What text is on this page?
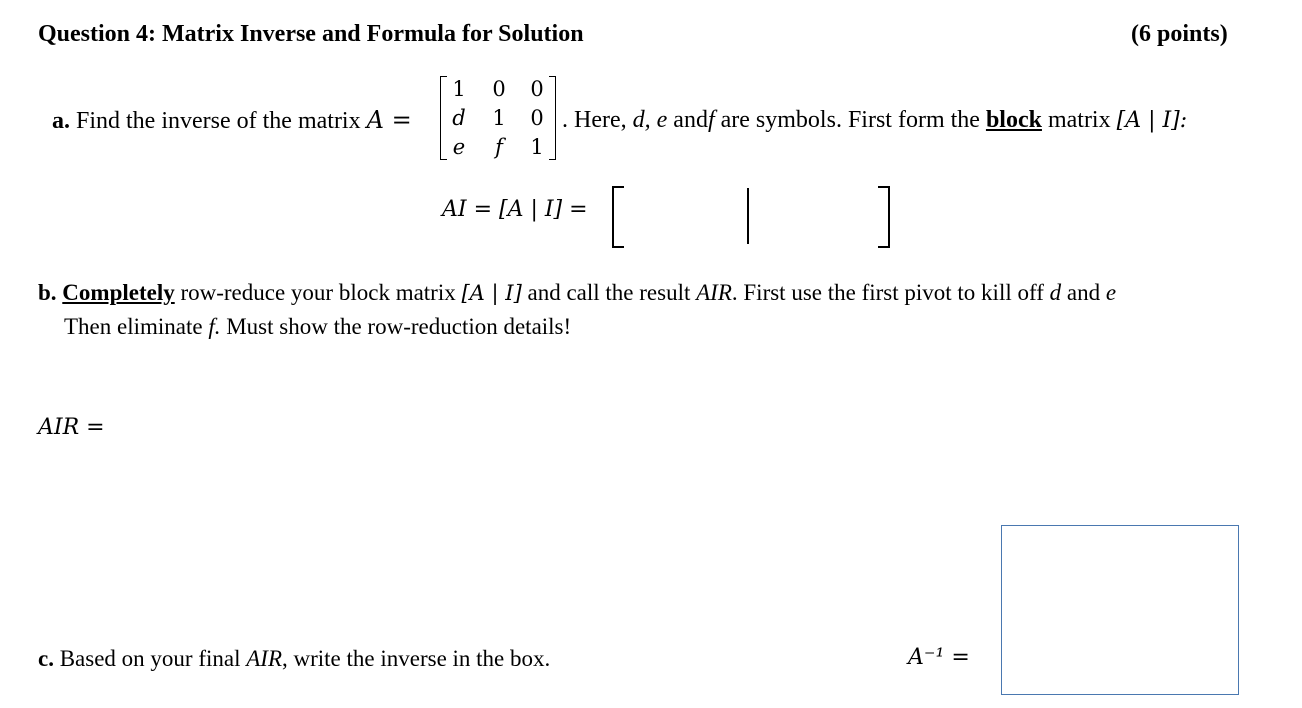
Question 4: Matrix Inverse and Formula for Solution	(6 points)
a. Find the inverse of the matrix A =
1 0 0
d 1 0
e	f	1
. Here, d, e andf are symbols. First form the block matrix [A | I]:
AI = [A | I] =
b. Completely row-reduce your block matrix [A | I] and call the result AIR. First use the first pivot to kill off d and e
Then eliminate f. Must show the row-reduction details!
AIR =
c. Based on your final AIR, write the inverse in the box.	A⁻¹ =
